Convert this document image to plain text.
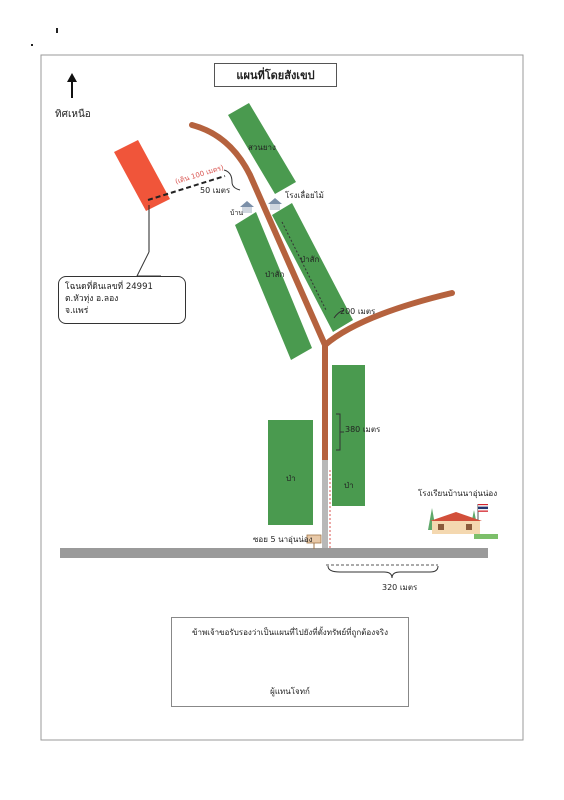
ทิศเหนือ
(เดิน 100 เมตร)
สวนยาง
50 เมตร
บ้าน
โรงเลื่อยไม้
ป่าสัก
ป่าสัก
200 เมตร
380 เมตร
ป่า
ป่า
ซอย 5 นาอุ่นน่อง
โรงเรียนบ้านนาอุ่นน่อง
320 เมตร
แผนที่โดยสังเขป
โฉนดที่ดินเลขที่ 24991
ต.หัวทุ่ง อ.ลอง
จ.แพร่
ข้าพเจ้าขอรับรองว่าเป็นแผนที่ไปยังที่ตั้งทรัพย์ที่ถูกต้องจริง
ผู้แทนโจทก์
